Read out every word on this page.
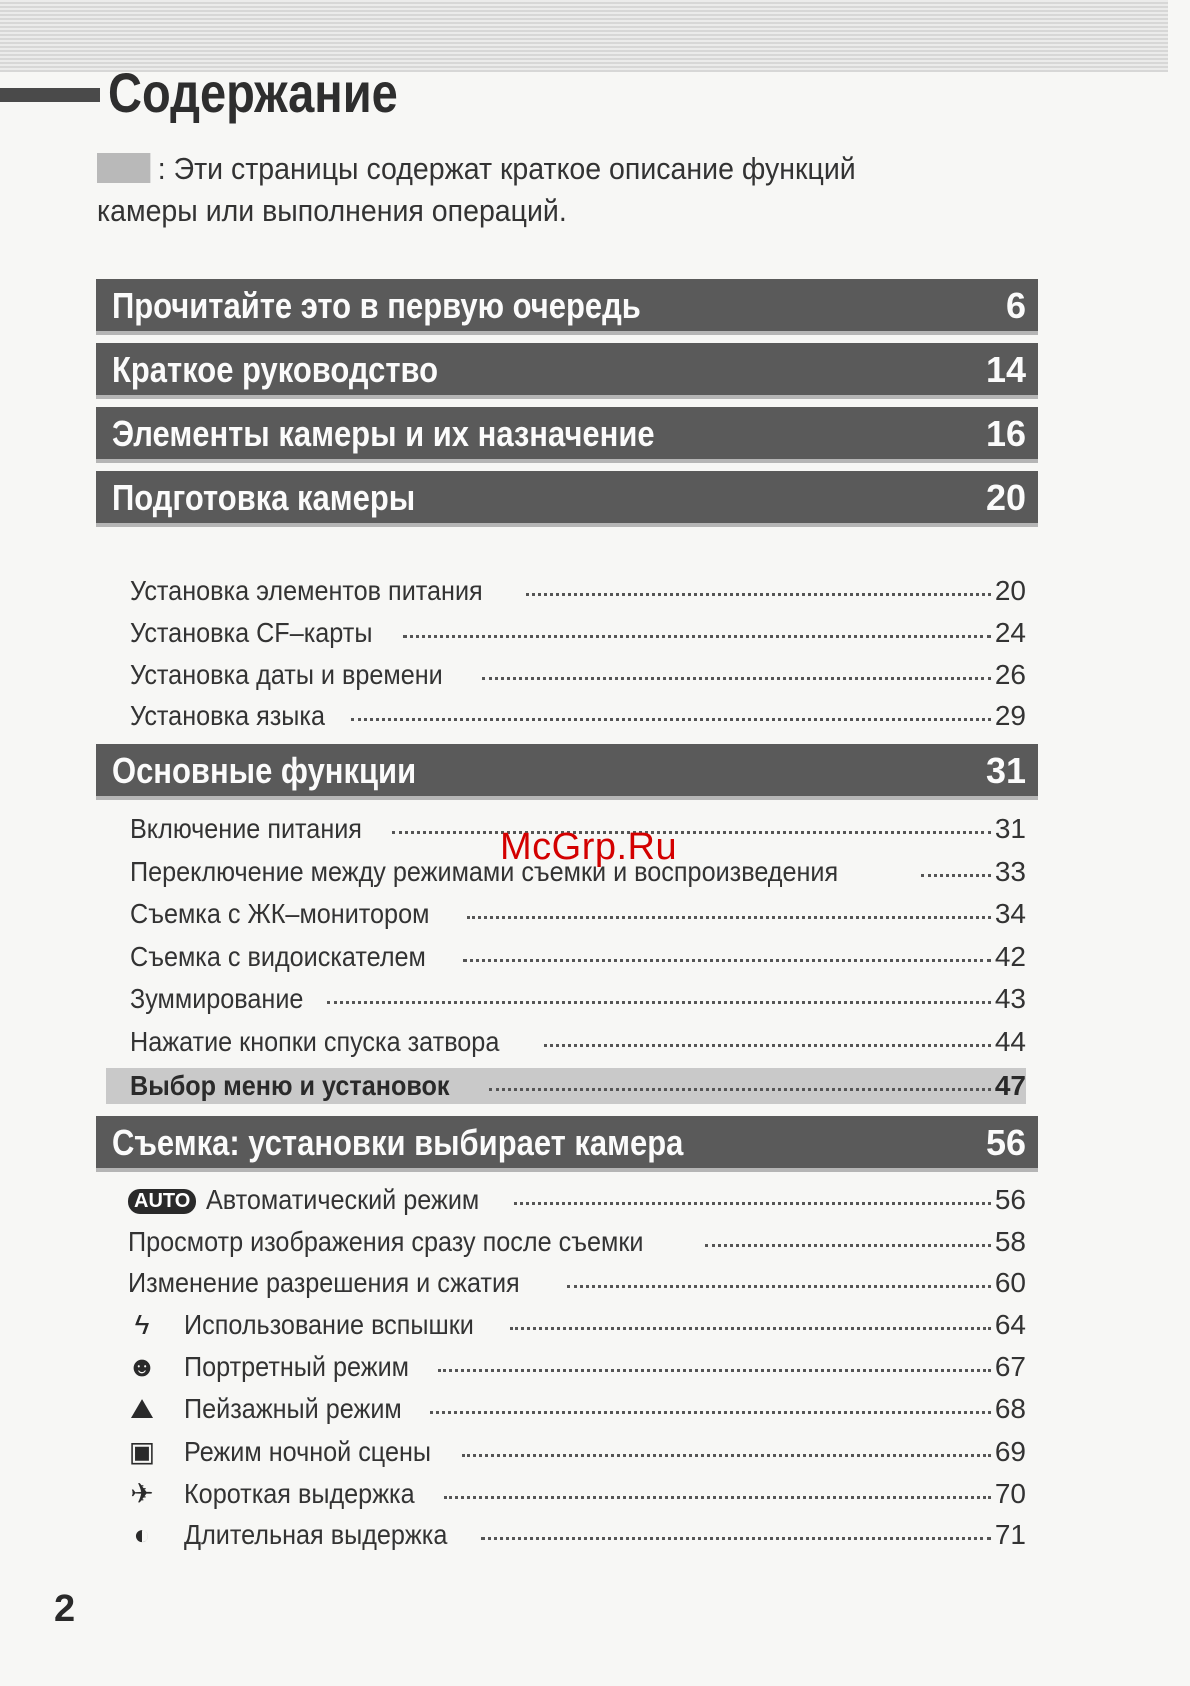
Содержание
: Эти страницы содержат краткое описание функций камеры или выполнения операций.
Прочитайте это в первую очередь	6
Краткое руководство	14
Элементы камеры и их назначение	16
Подготовка камеры	20
Установка элементов питания	20
Установка CF–карты	24
Установка даты и времени	26
Установка языка	29
Основные функции	31
Включение питания	31
Переключение между режимами съемки и воспроизведения	33
Съемка с ЖК–монитором	34
Съемка с видоискателем	42
Зуммирование	43
Нажатие кнопки спуска затвора	44
Выбор меню и установок	47
Съемка: установки выбирает камера	56
AUTO Автоматический режим	56
Просмотр изображения сразу после съемки	58
Изменение разрешения и сжатия	60
ϟ	Использование вспышки	64
☻ Портретный режим	67
⛰ Пейзажный режим	68
▣ Режим ночной сцены	69
✈ Короткая выдержка	70
◐	Длительная выдержка	71
McGrp.Ru
2
